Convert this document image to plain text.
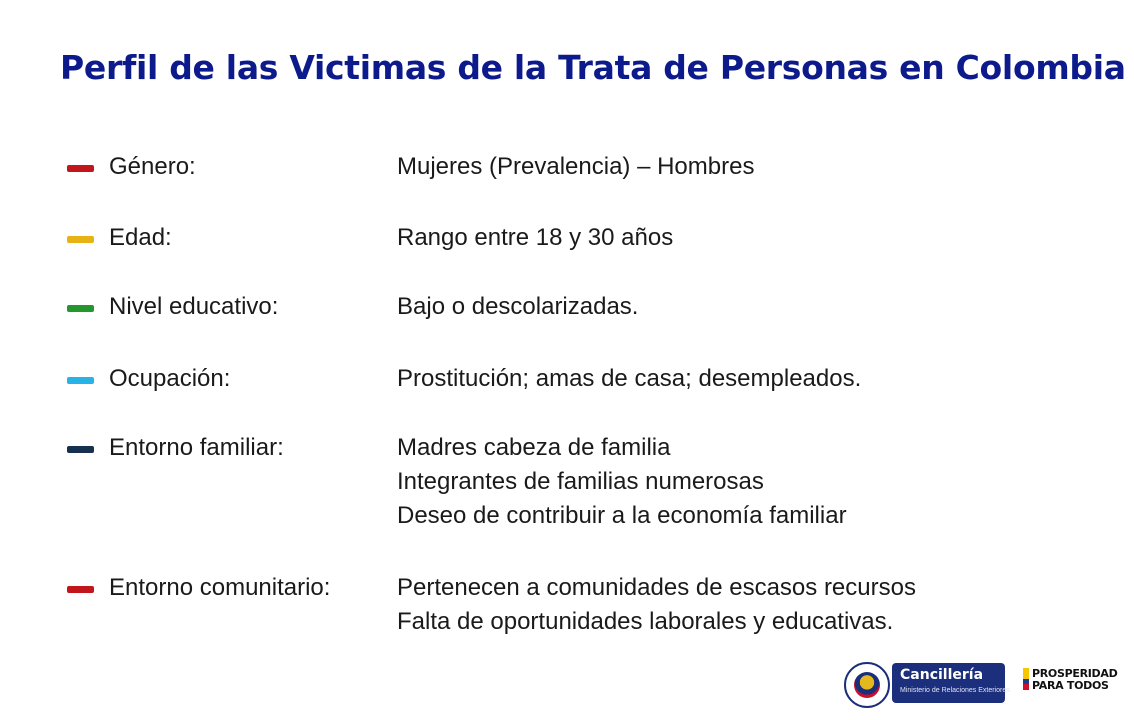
Perfil de las Victimas de la Trata de Personas en Colombia
Género:	Mujeres (Prevalencia) – Hombres
Edad:	Rango entre 18 y 30 años
Nivel educativo:	Bajo o descolarizadas.
Ocupación:	Prostitución; amas de casa; desempleados.
Entorno familiar:	Madres cabeza de familia
Integrantes de familias numerosas
Deseo de contribuir a la economía familiar
Entorno comunitario:	Pertenecen a comunidades de escasos recursos
Falta de oportunidades laborales y educativas.
Cancillería
Ministerio de Relaciones Exteriores
PROSPERIDAD
PARA TODOS
